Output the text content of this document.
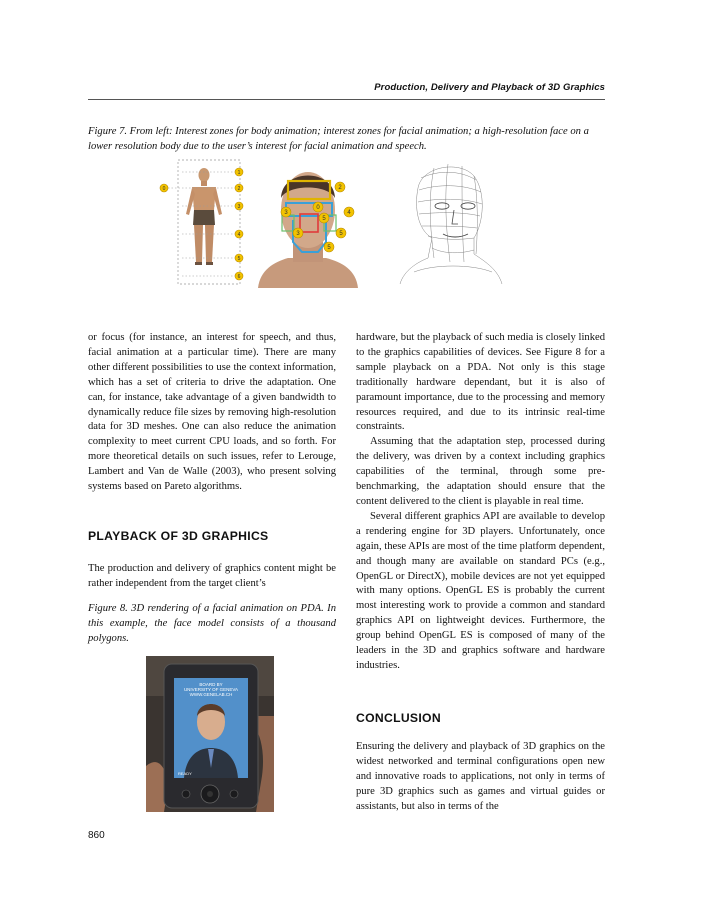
Production, Delivery and Playback of 3D Graphics
Figure 7. From left: Interest zones for body animation; interest zones for facial animation; a high-resolution face on a lower resolution body due to the user’s interest for facial animation and speech.
1
2
3
4
5
6
0	2
0
3	4
5
3	5
5

or focus (for instance, an interest for speech, and thus, facial animation at a particular time). There are many other different possibilities to use the context information, which has a set of criteria to drive the adaptation. One can, for instance, take advantage of a given bandwidth to dynamically reduce file sizes by removing high-resolution data for 3D meshes. One can also reduce the animation complexity to meet current CPU loads, and so forth. For more theoretical details on such issues, refer to Lerouge, Lambert and Van de Walle (2003), who present solving systems based on Pareto algorithms.

PLAYBACK OF 3D GRAPHICS

The production and delivery of graphics content might be rather independent from the target client’s

Figure 8. 3D rendering of a facial animation on PDA. In this example, the face model consists of a thousand polygons.
BOARD BY
UNIVERSITY OF GENEVA
WWW.GENELAB.CH
READY

hardware, but the playback of such media is closely linked to the graphics capabilities of devices. See Figure 8 for a sample playback on a PDA. Not only is this stage traditionally hardware dependant, but it is also of paramount importance, due to the processing and memory resources required, and due to its intrinsic real-time constraints.

Assuming that the adaptation step, processed during the delivery, was driven by a context including graphics capabilities of the terminal, through some pre-benchmarking, the adaptation should ensure that the content delivered to the client is playable in real time.

Several different graphics API are available to develop a rendering engine for 3D players. Unfortunately, once again, these APIs are most of the time platform dependent, and though many are available on standard PCs (e.g., OpenGL or DirectX), mobile devices are not yet equipped with many options. OpenGL ES is probably the current most interesting work to provide a common and standard graphics API on lightweight devices. Furthermore, the group behind OpenGL ES is composed of many of the leaders in the 3D and graphics software and hardware industries.

CONCLUSION

Ensuring the delivery and playback of 3D graphics on the widest networked and terminal configurations open new and innovative roads to applications, not only in terms of pure 3D graphics such as games and virtual guides or assistants, but also in terms of the

860
